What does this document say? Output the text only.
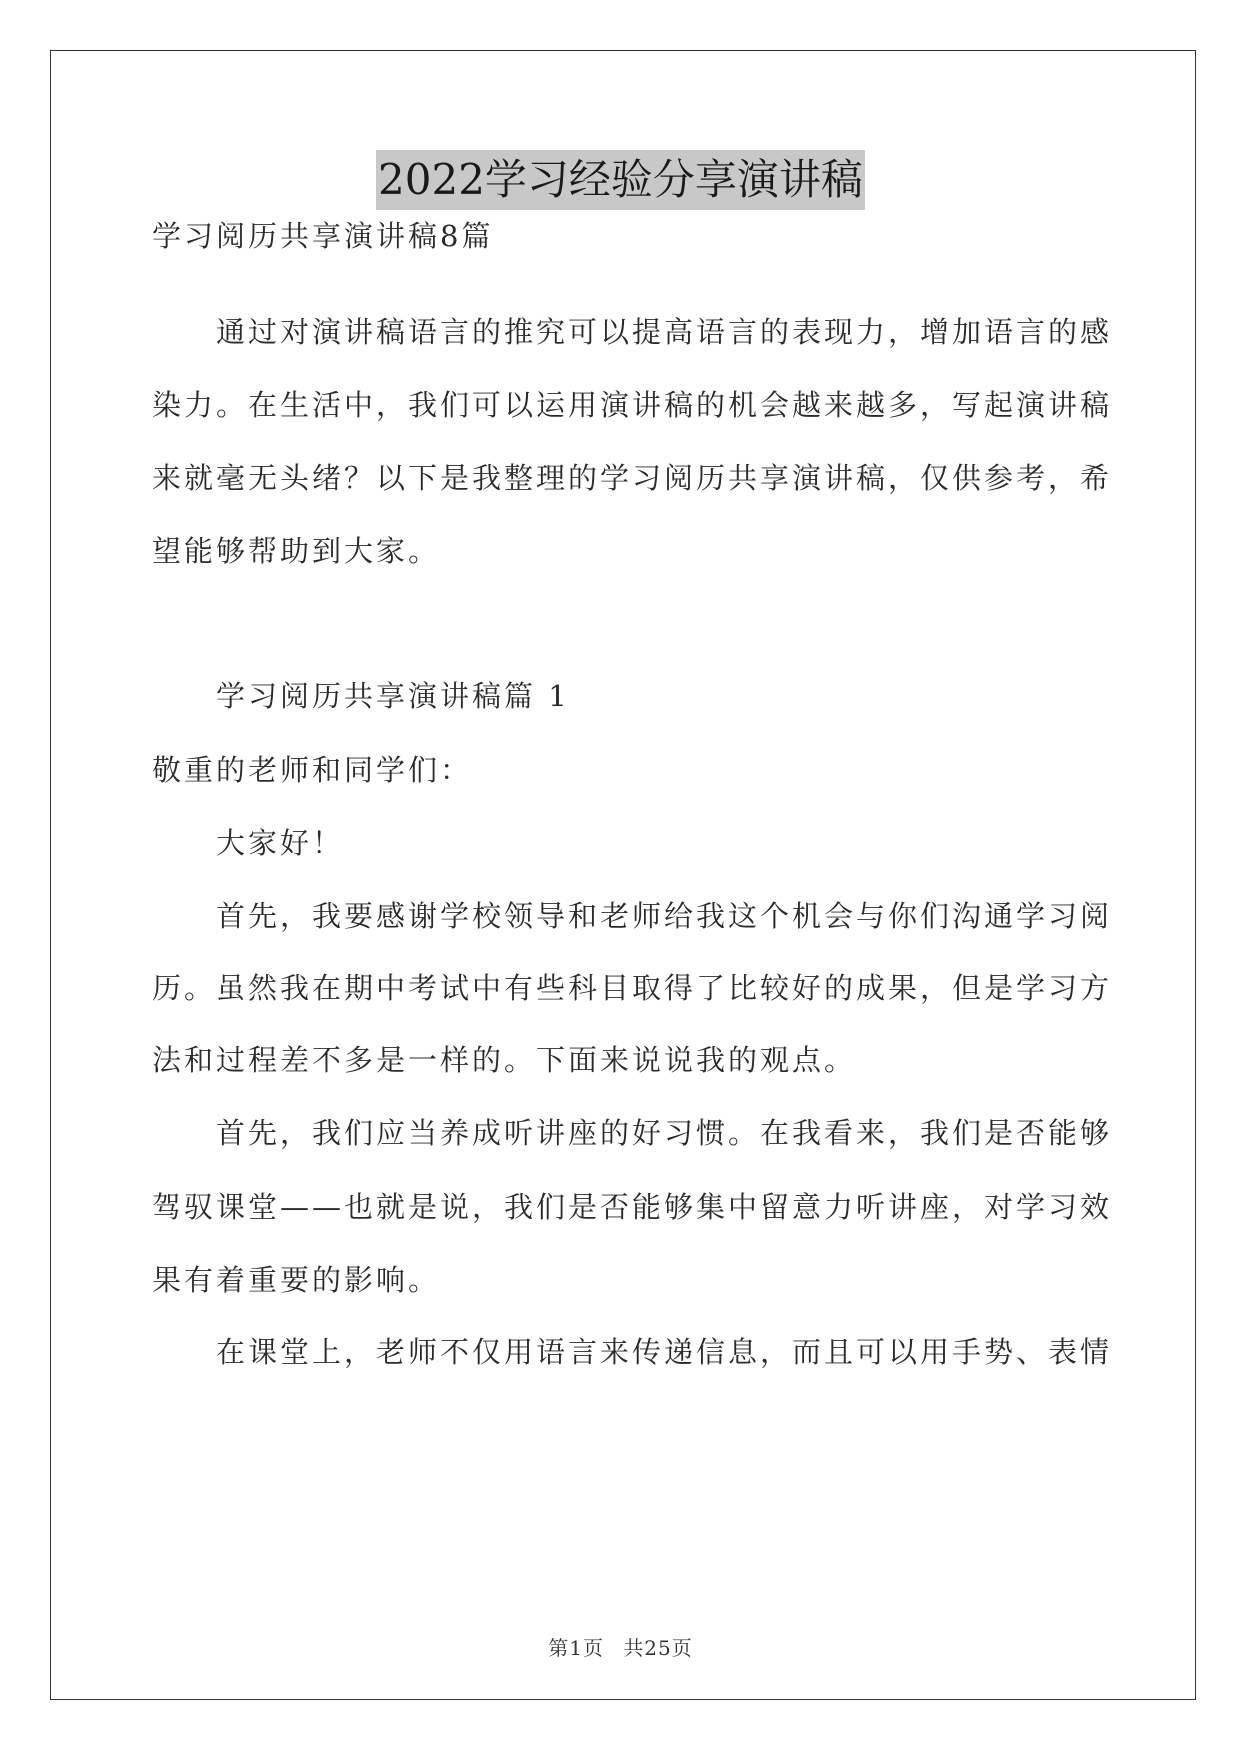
2022学习经验分享演讲稿
学习阅历共享演讲稿8篇
通过对演讲稿语言的推究可以提高语言的表现力，增加语言的感
染力。在生活中，我们可以运用演讲稿的机会越来越多，写起演讲稿
来就毫无头绪？以下是我整理的学习阅历共享演讲稿，仅供参考，希
望能够帮助到大家。
学习阅历共享演讲稿篇 1
敬重的老师和同学们：
大家好！
首先，我要感谢学校领导和老师给我这个机会与你们沟通学习阅
历。虽然我在期中考试中有些科目取得了比较好的成果，但是学习方
法和过程差不多是一样的。下面来说说我的观点。
首先，我们应当养成听讲座的好习惯。在我看来，我们是否能够
驾驭课堂——也就是说，我们是否能够集中留意力听讲座，对学习效
果有着重要的影响。
在课堂上，老师不仅用语言来传递信息，而且可以用手势、表情
第1页 共25页
